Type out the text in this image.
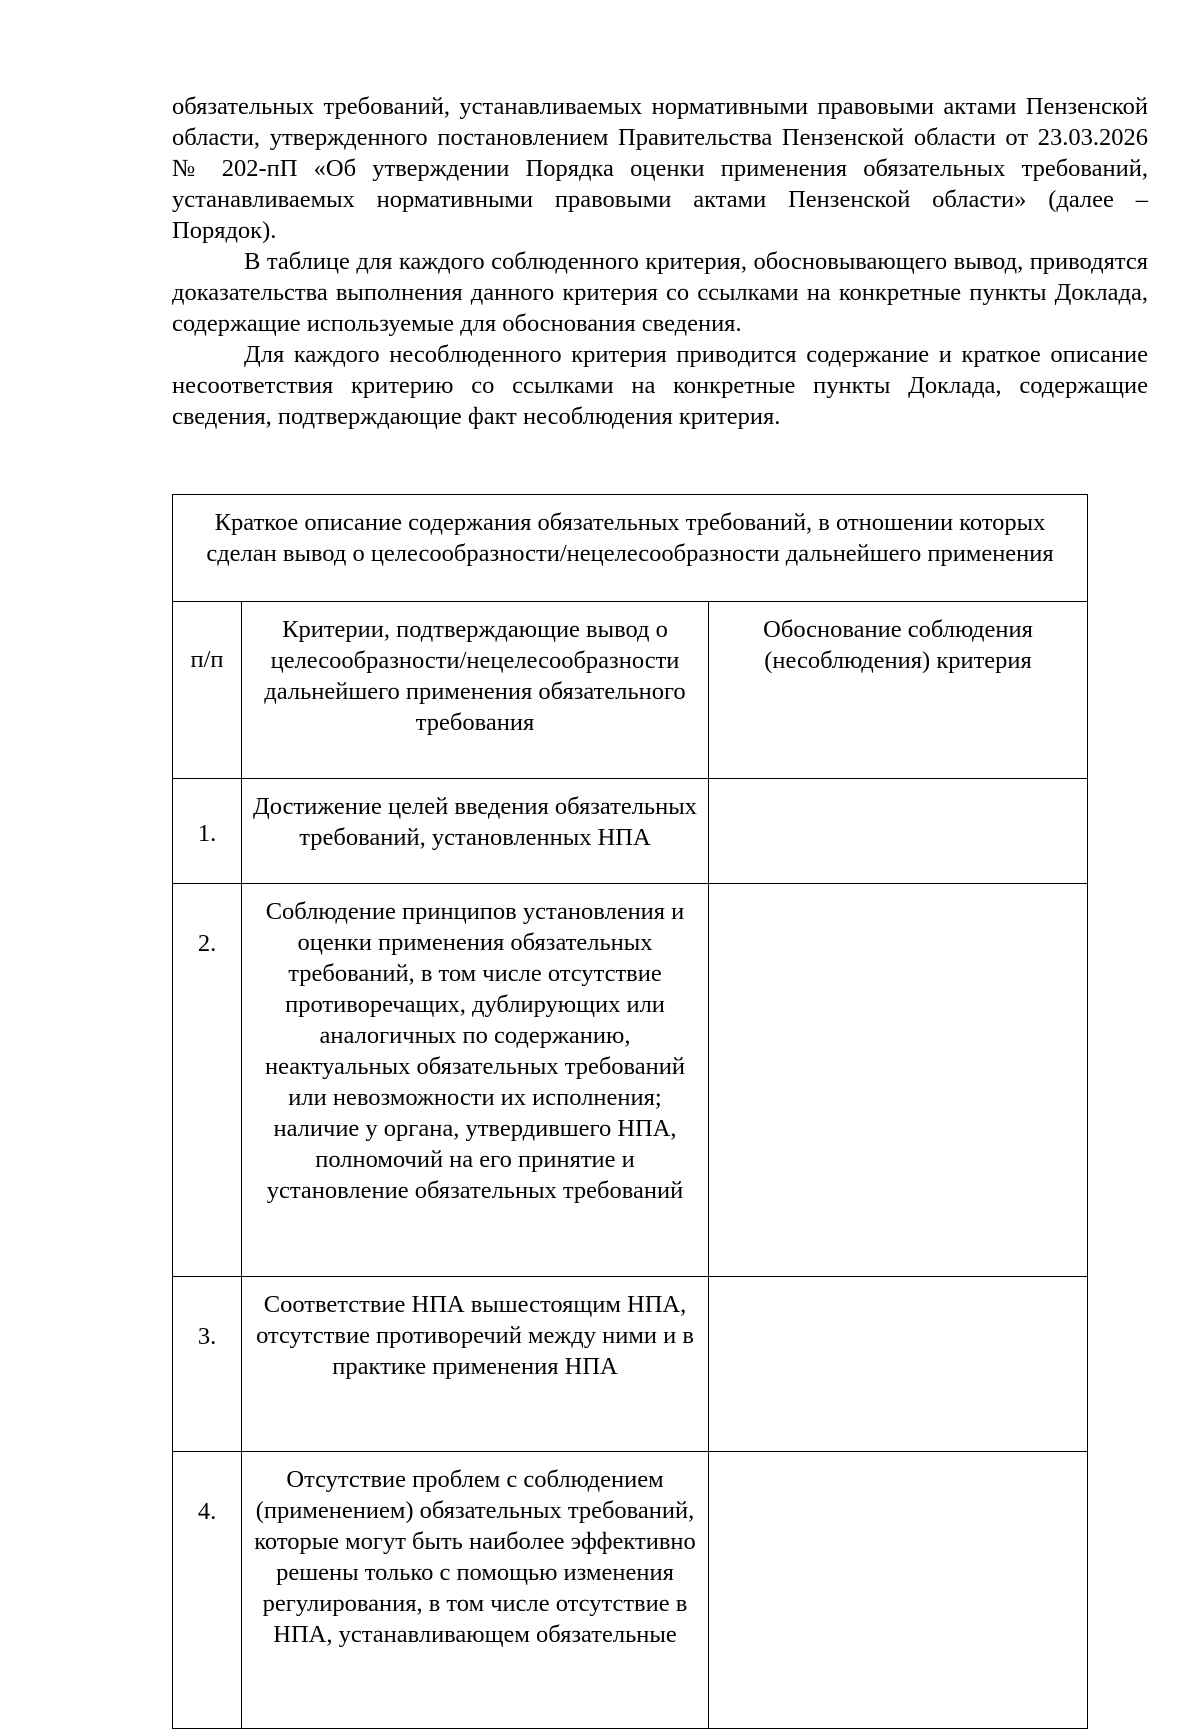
обязательных требований, устанавливаемых нормативными правовыми актами Пензенской области, утвержденного постановлением Правительства Пензенской области от 23.03.2026 № 202-пП «Об утверждении Порядка оценки применения обязательных требований, устанавливаемых нормативными правовыми актами Пензенской области» (далее – Порядок).

В таблице для каждого соблюденного критерия, обосновывающего вывод, приводятся доказательства выполнения данного критерия со ссылками на конкретные пункты Доклада, содержащие используемые для обоснования сведения.

Для каждого несоблюденного критерия приводится содержание и краткое описание несоответствия критерию со ссылками на конкретные пункты Доклада, содержащие сведения, подтверждающие факт несоблюдения критерия.

Краткое описание содержания обязательных требований, в отношении которых сделан вывод о целесообразности/нецелесообразности дальнейшего применения		
п/п	Критерии, подтверждающие вывод о целесообразности/нецелесообразности дальнейшего применения обязательного требования	Обоснование соблюдения (несоблюдения) критерия
1.	Достижение целей введения обязательных требований, установленных НПА	
2.	Соблюдение принципов установления и оценки применения обязательных требований, в том числе отсутствие противоречащих, дублирующих или аналогичных по содержанию, неактуальных обязательных требований или невозможности их исполнения; наличие у органа, утвердившего НПА, полномочий на его принятие и установление обязательных требований	
3.	Соответствие НПА вышестоящим НПА, отсутствие противоречий между ними и в практике применения НПА	
4.	Отсутствие проблем с соблюдением (применением) обязательных требований, которые могут быть наиболее эффективно решены только с помощью изменения регулирования, в том числе отсутствие в НПА, устанавливающем обязательные	
